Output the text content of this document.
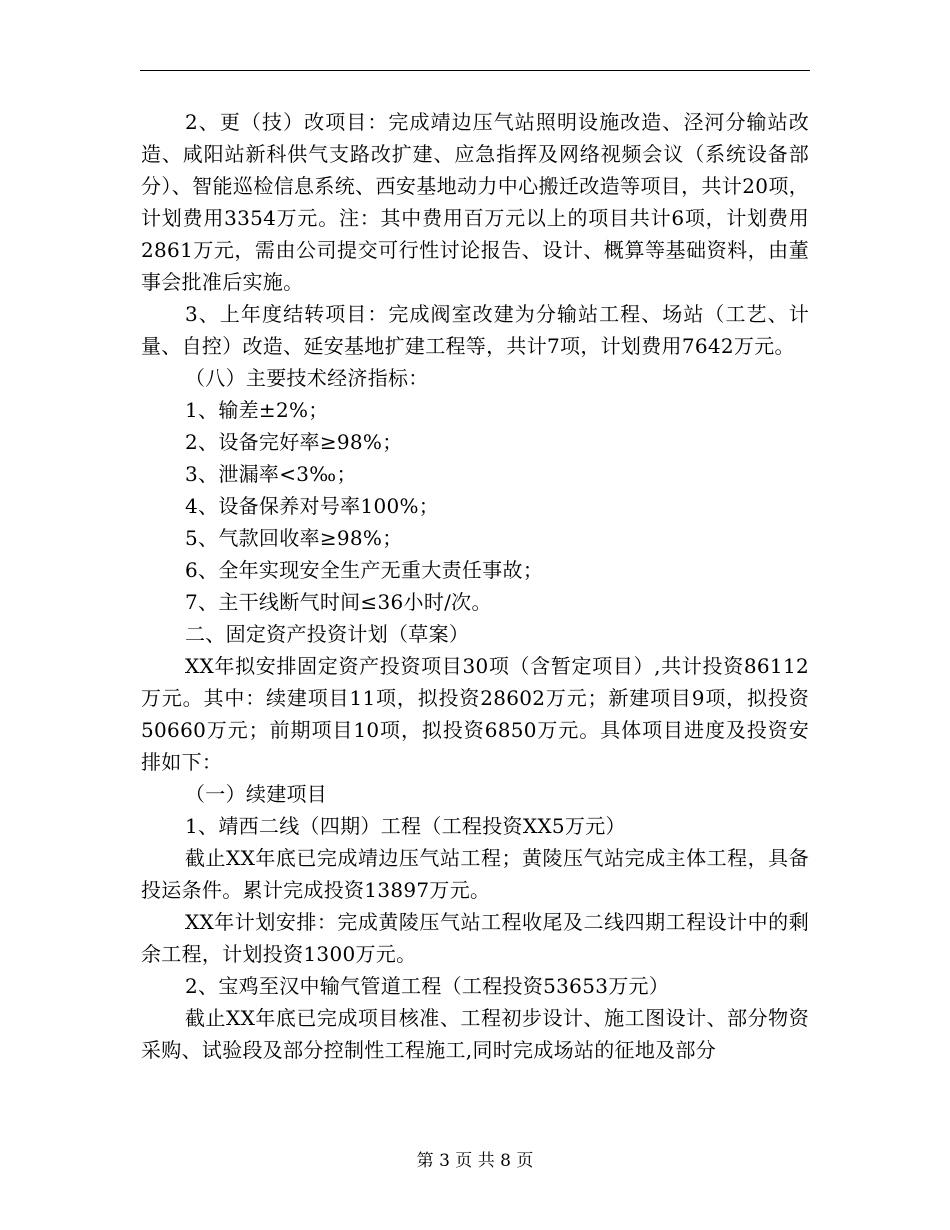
2、更（技）改项目：完成靖边压气站照明设施改造、泾河分输站改造、咸阳站新科供气支路改扩建、应急指挥及网络视频会议（系统设备部分）、智能巡检信息系统、西安基地动力中心搬迁改造等项目，共计20项，计划费用3354万元。注：其中费用百万元以上的项目共计6项，计划费用2861万元，需由公司提交可行性讨论报告、设计、概算等基础资料，由董事会批准后实施。

3、上年度结转项目：完成阀室改建为分输站工程、场站（工艺、计量、自控）改造、延安基地扩建工程等，共计7项，计划费用7642万元。

（八）主要技术经济指标：

1、输差±2%；

2、设备完好率≥98%；

3、泄漏率<3‰；

4、设备保养对号率100%；

5、气款回收率≥98%；

6、全年实现安全生产无重大责任事故；

7、主干线断气时间≤36小时/次。

二、固定资产投资计划（草案）

XX年拟安排固定资产投资项目30项（含暂定项目）,共计投资86112万元。其中：续建项目11项，拟投资28602万元；新建项目9项，拟投资50660万元；前期项目10项，拟投资6850万元。具体项目进度及投资安排如下：

（一）续建项目

1、靖西二线（四期）工程（工程投资XX5万元）

截止XX年底已完成靖边压气站工程；黄陵压气站完成主体工程，具备投运条件。累计完成投资13897万元。

XX年计划安排：完成黄陵压气站工程收尾及二线四期工程设计中的剩余工程，计划投资1300万元。

2、宝鸡至汉中输气管道工程（工程投资53653万元）

截止XX年底已完成项目核准、工程初步设计、施工图设计、部分物资采购、试验段及部分控制性工程施工,同时完成场站的征地及部分

第 3 页 共 8 页
